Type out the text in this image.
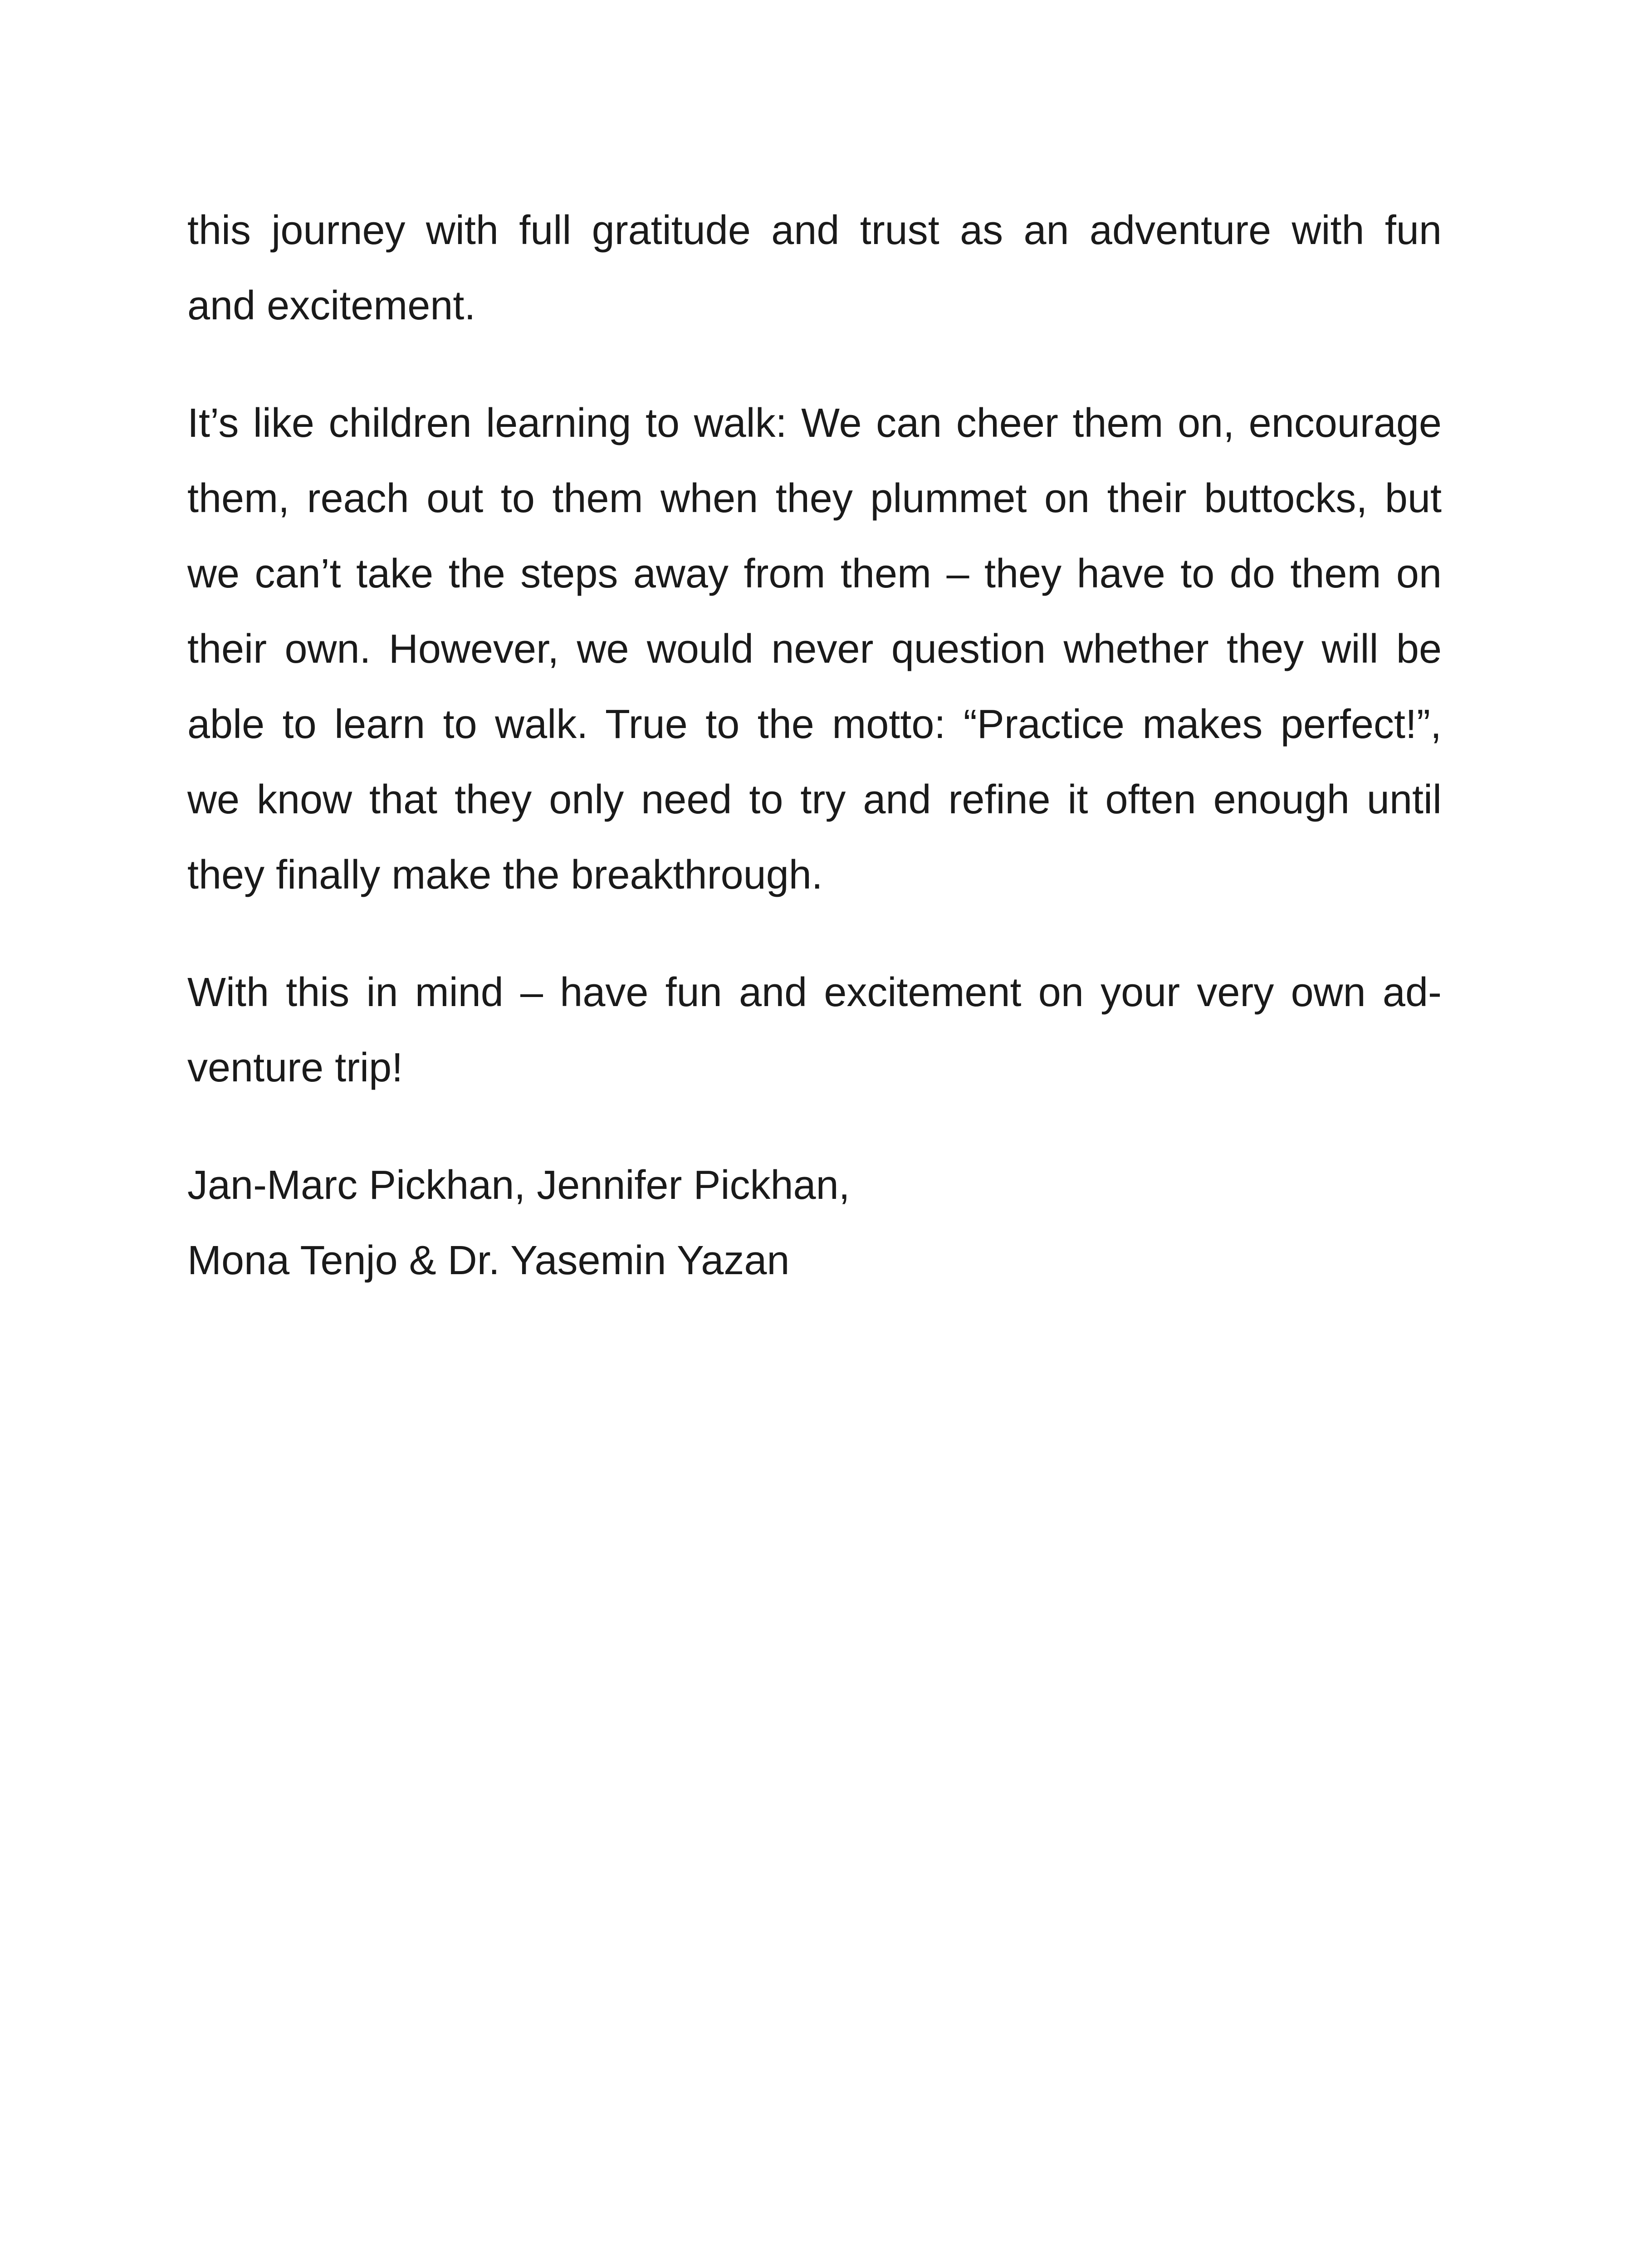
this journey with full gratitude and trust as an adventure with fun
and excitement.

It’s like children learning to walk: We can cheer them on, encourage
them, reach out to them when they plummet on their buttocks, but
we can’t take the steps away from them – they have to do them on
their own. However, we would never question whether they will be
able to learn to walk. True to the motto: “Practice makes perfect!”,
we know that they only need to try and refine it often enough until
they finally make the breakthrough.

With this in mind – have fun and excitement on your very own ad-
venture trip!

Jan-Marc Pickhan, Jennifer Pickhan,
Mona Tenjo & Dr. Yasemin Yazan
